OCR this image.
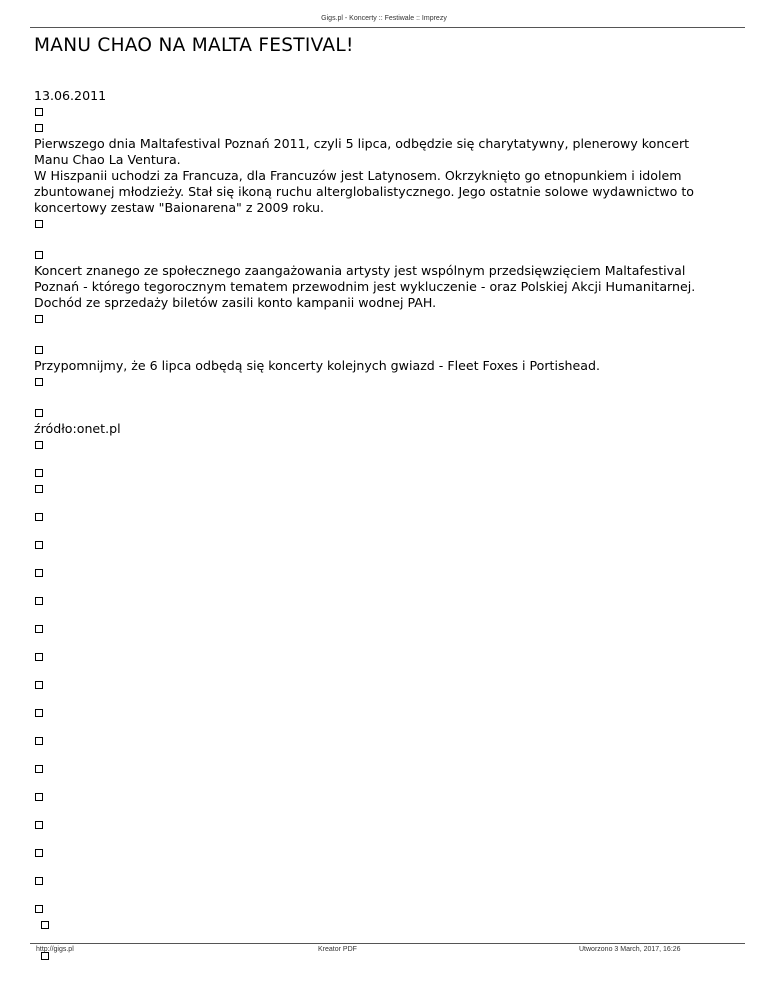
Gigs.pl - Koncerty :: Festiwale :: Imprezy
MANU CHAO NA MALTA FESTIVAL!
13.06.2011
Pierwszego dnia Maltafestival Poznań 2011, czyli 5 lipca, odbędzie się charytatywny, plenerowy koncert
Manu Chao La Ventura.
W Hiszpanii uchodzi za Francuza, dla Francuzów jest Latynosem. Okrzyknięto go etnopunkiem i idolem
zbuntowanej młodzieży. Stał się ikoną ruchu alterglobalistycznego. Jego ostatnie solowe wydawnictwo to
koncertowy zestaw "Baionarena" z 2009 roku.
Koncert znanego ze społecznego zaangażowania artysty jest wspólnym przedsięwzięciem Maltafestival
Poznań - którego tegorocznym tematem przewodnim jest wykluczenie - oraz Polskiej Akcji Humanitarnej.
Dochód ze sprzedaży biletów zasili konto kampanii wodnej PAH.
Przypomnijmy, że 6 lipca odbędą się koncerty kolejnych gwiazd - Fleet Foxes i Portishead.
źródło:onet.pl
http://gigs.pl	Kreator PDF	Utworzono 3 March, 2017, 16:26
